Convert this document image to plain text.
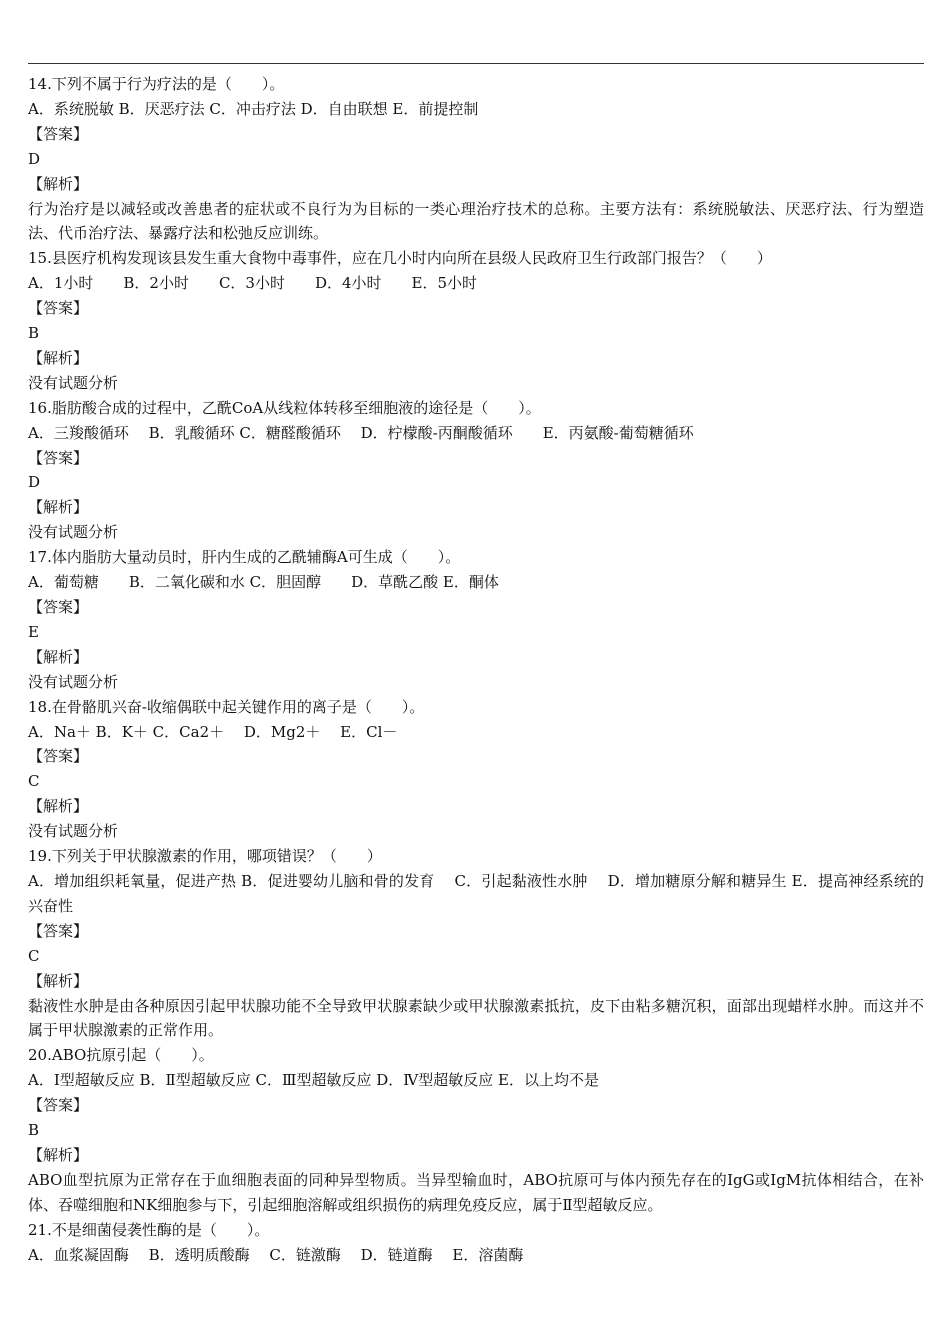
14.下列不属于行为疗法的是（　　）。
A．系统脱敏 B．厌恶疗法 C．冲击疗法 D．自由联想 E．前提控制
【答案】
D
【解析】
行为治疗是以减轻或改善患者的症状或不良行为为目标的一类心理治疗技术的总称。主要方法有：系统脱敏法、厌恶疗法、行为塑造法、代币治疗法、暴露疗法和松弛反应训练。
15.县医疗机构发现该县发生重大食物中毒事件，应在几小时内向所在县级人民政府卫生行政部门报告？（　　）
A．1小时　　B．2小时　　C．3小时　　D．4小时　　E．5小时
【答案】
B
【解析】
没有试题分析
16.脂肪酸合成的过程中，乙酰CoA从线粒体转移至细胞液的途径是（　　）。
A．三羧酸循环　 B．乳酸循环 C．糖醛酸循环　 D．柠檬酸-丙酮酸循环　　E．丙氨酸-葡萄糖循环
【答案】
D
【解析】
没有试题分析
17.体内脂肪大量动员时，肝内生成的乙酰辅酶A可生成（　　）。
A．葡萄糖　　B．二氧化碳和水 C．胆固醇　　D．草酰乙酸 E．酮体
【答案】
E
【解析】
没有试题分析
18.在骨骼肌兴奋-收缩偶联中起关键作用的离子是（　　）。
A．Na＋ B．K＋ C．Ca2＋　 D．Mg2＋　 E．Cl－
【答案】
C
【解析】
没有试题分析
19.下列关于甲状腺激素的作用，哪项错误？（　　）
A．增加组织耗氧量，促进产热 B．促进婴幼儿脑和骨的发育　 C．引起黏液性水肿　 D．增加糖原分解和糖异生 E．提高神经系统的兴奋性
【答案】
C
【解析】
黏液性水肿是由各种原因引起甲状腺功能不全导致甲状腺素缺少或甲状腺激素抵抗，皮下由粘多糖沉积，面部出现蜡样水肿。而这并不属于甲状腺激素的正常作用。
20.ABO抗原引起（　　）。
A．Ⅰ型超敏反应 B．Ⅱ型超敏反应 C．Ⅲ型超敏反应 D．Ⅳ型超敏反应 E．以上均不是
【答案】
B
【解析】
ABO血型抗原为正常存在于血细胞表面的同种异型物质。当异型输血时，ABO抗原可与体内预先存在的IgG或IgM抗体相结合，在补体、吞噬细胞和NK细胞参与下，引起细胞溶解或组织损伤的病理免疫反应，属于Ⅱ型超敏反应。
21.不是细菌侵袭性酶的是（　　）。
A．血浆凝固酶　 B．透明质酸酶　 C．链激酶　 D．链道酶　 E．溶菌酶
